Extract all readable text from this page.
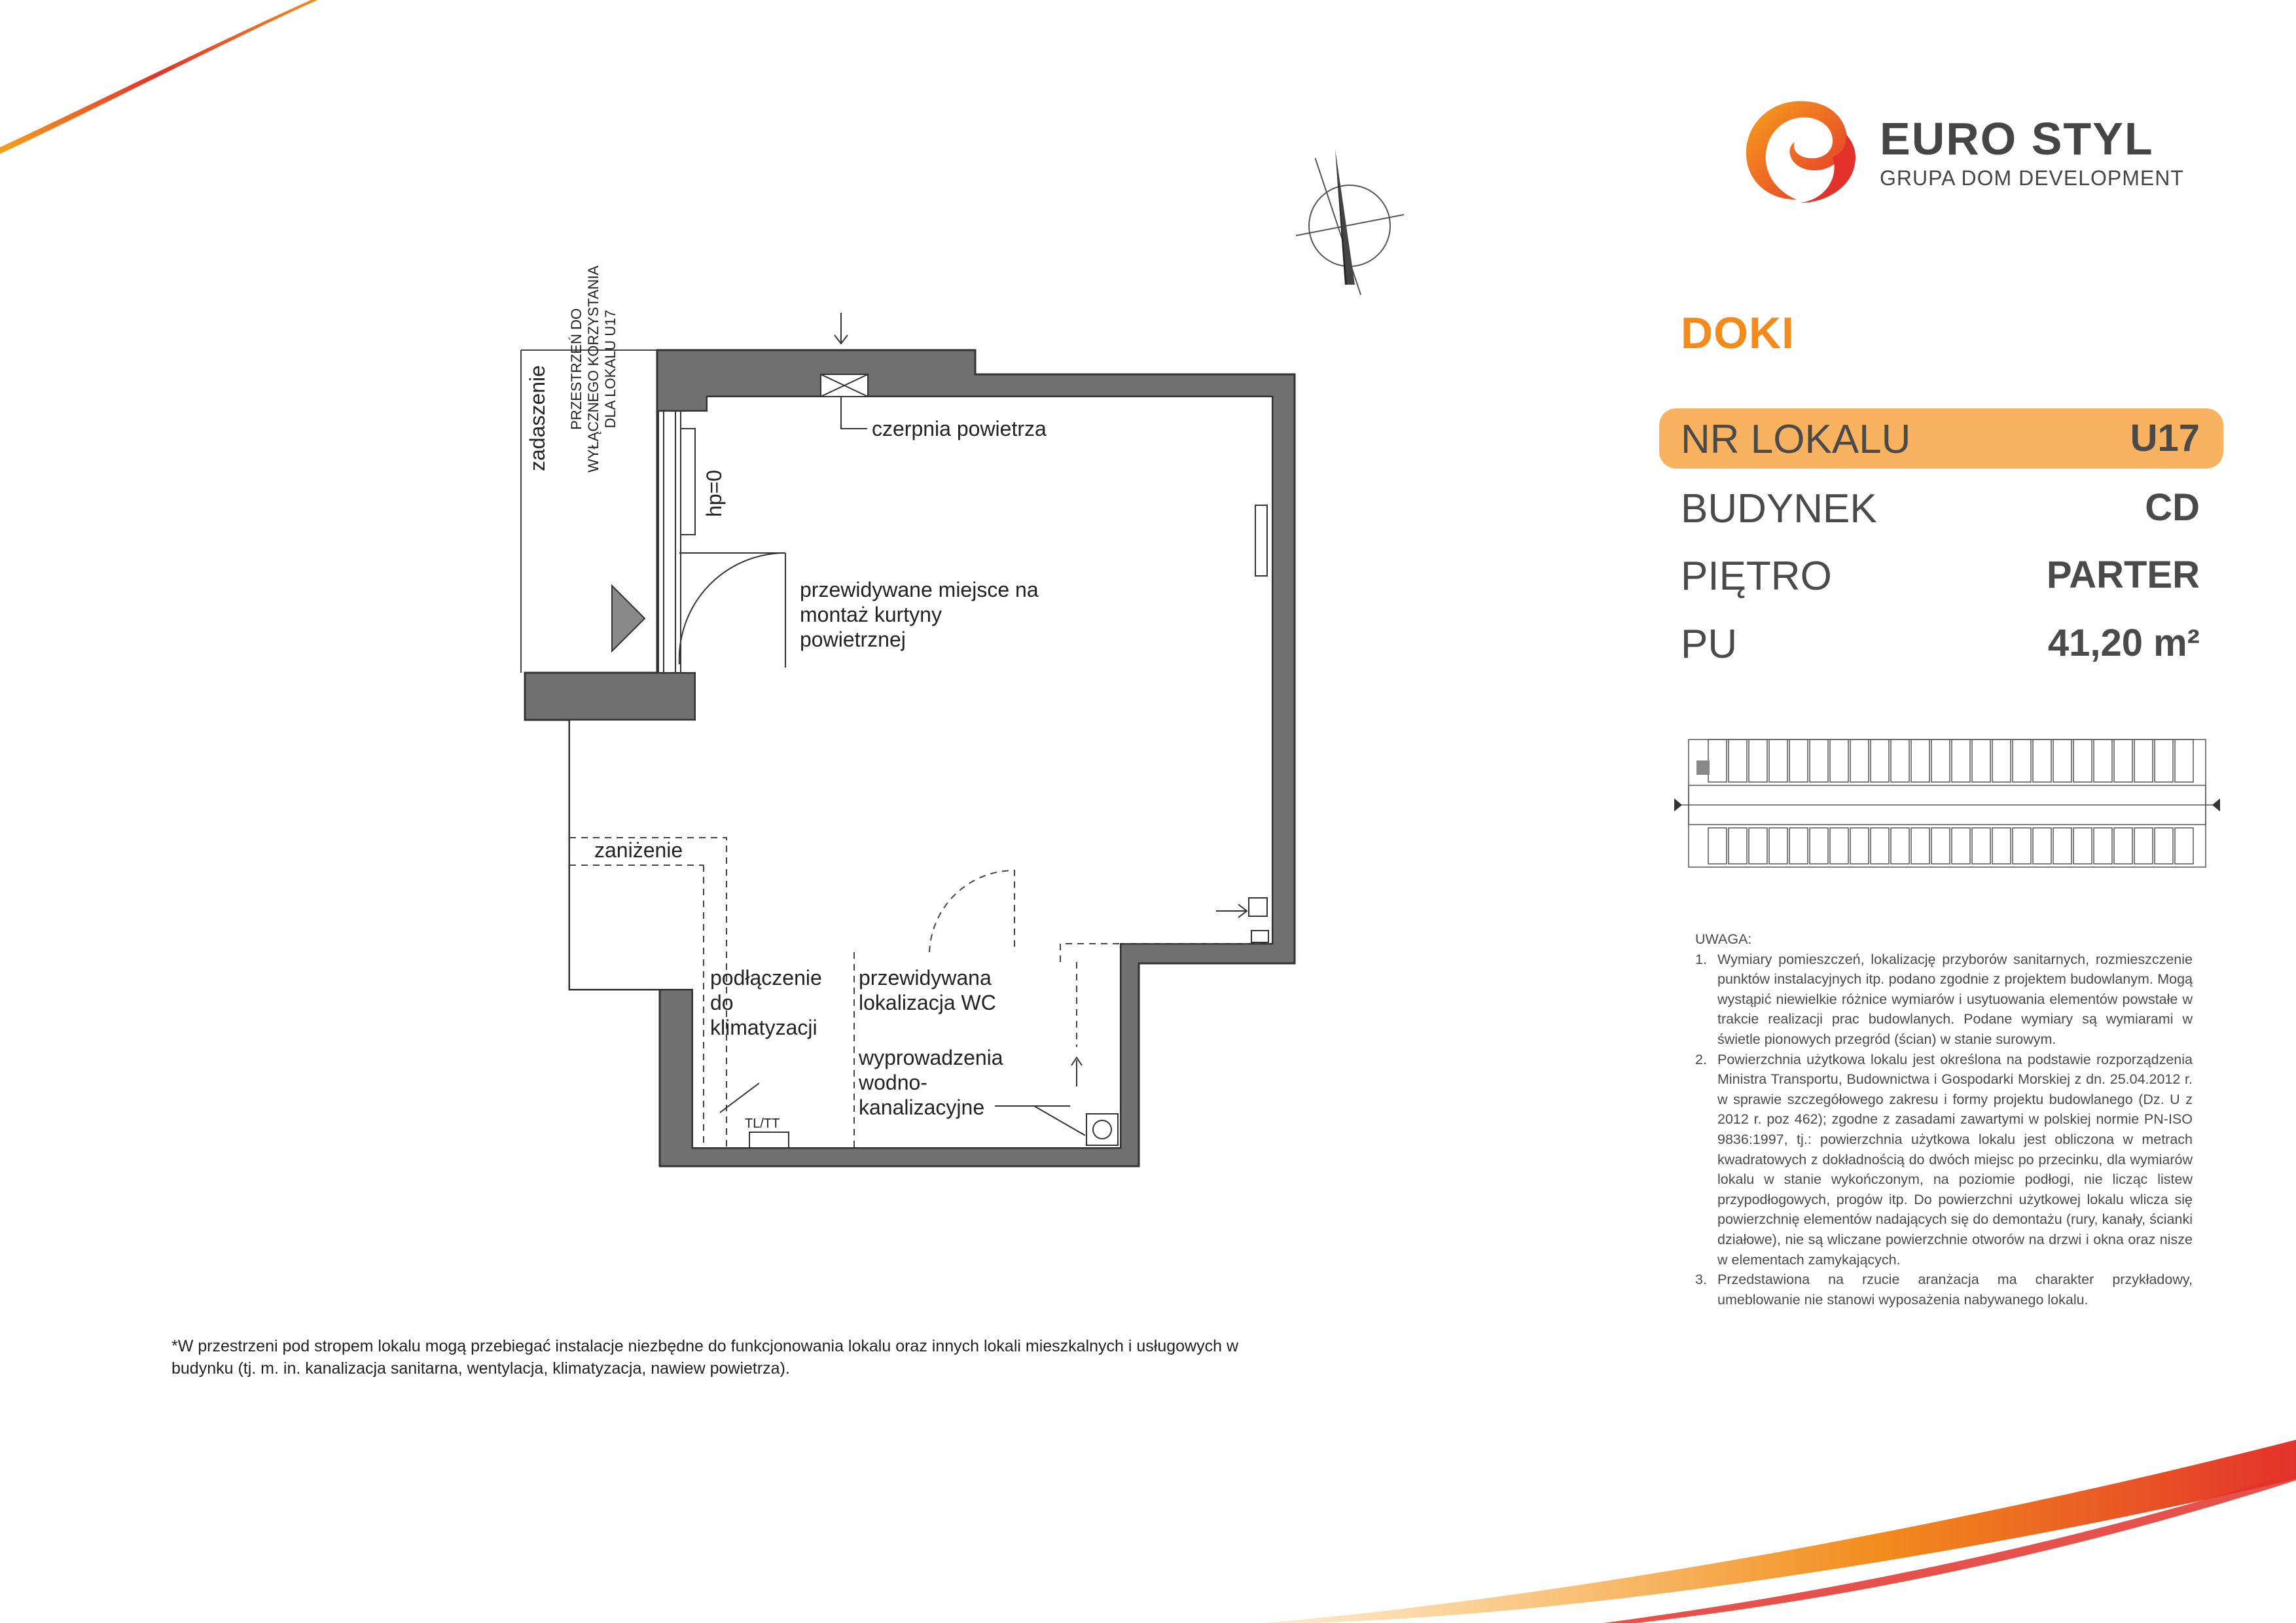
EURO STYL
GRUPA DOM DEVELOPMENT
DOKI
NR LOKALU	U17
BUDYNEK	CD
PIĘTRO	PARTER
PU	41,20 m²
zadaszenie PRZESTRZEŃ DO WYŁĄCZNEGO KORZYSTANIA DLA LOKALU U17
hp=0
czerpnia powietrza
przewidywane miejsce na
montaż kurtyny
powietrznej
zaniżenie
podłączenie
do
klimatyzacji
przewidywana
lokalizacja WC
wyprowadzenia
wodno-
kanalizacyjne
TL/TT
UWAGA:
1. Wymiary pomieszczeń, lokalizację przyborów sanitarnych, rozmieszczenie punktów instalacyjnych itp. podano zgodnie z projektem budowlanym. Mogą wystąpić niewielkie różnice wymiarów i usytuowania elementów powstałe w trakcie realizacji prac budowlanych. Podane wymiary są wymiarami w świetle pionowych przegród (ścian) w stanie surowym.
2. Powierzchnia użytkowa lokalu jest określona na podstawie rozporządzenia Ministra Transportu, Budownictwa i Gospodarki Morskiej z dn. 25.04.2012 r. w sprawie szczegółowego zakresu i formy projektu budowlanego (Dz. U z 2012 r. poz 462); zgodne z zasadami zawartymi w polskiej normie PN-ISO 9836:1997, tj.: powierzchnia użytkowa lokalu jest obliczona w metrach kwadratowych z dokładnością do dwóch miejsc po przecinku, dla wymiarów lokalu w stanie wykończonym, na poziomie podłogi, nie licząc listew przypodłogowych, progów itp. Do powierzchni użytkowej lokalu wlicza się powierzchnię elementów nadających się do demontażu (rury, kanały, ścianki działowe), nie są wliczane powierzchnie otworów na drzwi i okna oraz nisze w elementach zamykających.
3. Przedstawiona na rzucie aranżacja ma charakter przykładowy, umeblowanie nie stanowi wyposażenia nabywanego lokalu.
*W przestrzeni pod stropem lokalu mogą przebiegać instalacje niezbędne do funkcjonowania lokalu oraz innych lokali mieszkalnych i usługowych w budynku (tj. m. in. kanalizacja sanitarna, wentylacja, klimatyzacja, nawiew powietrza).
